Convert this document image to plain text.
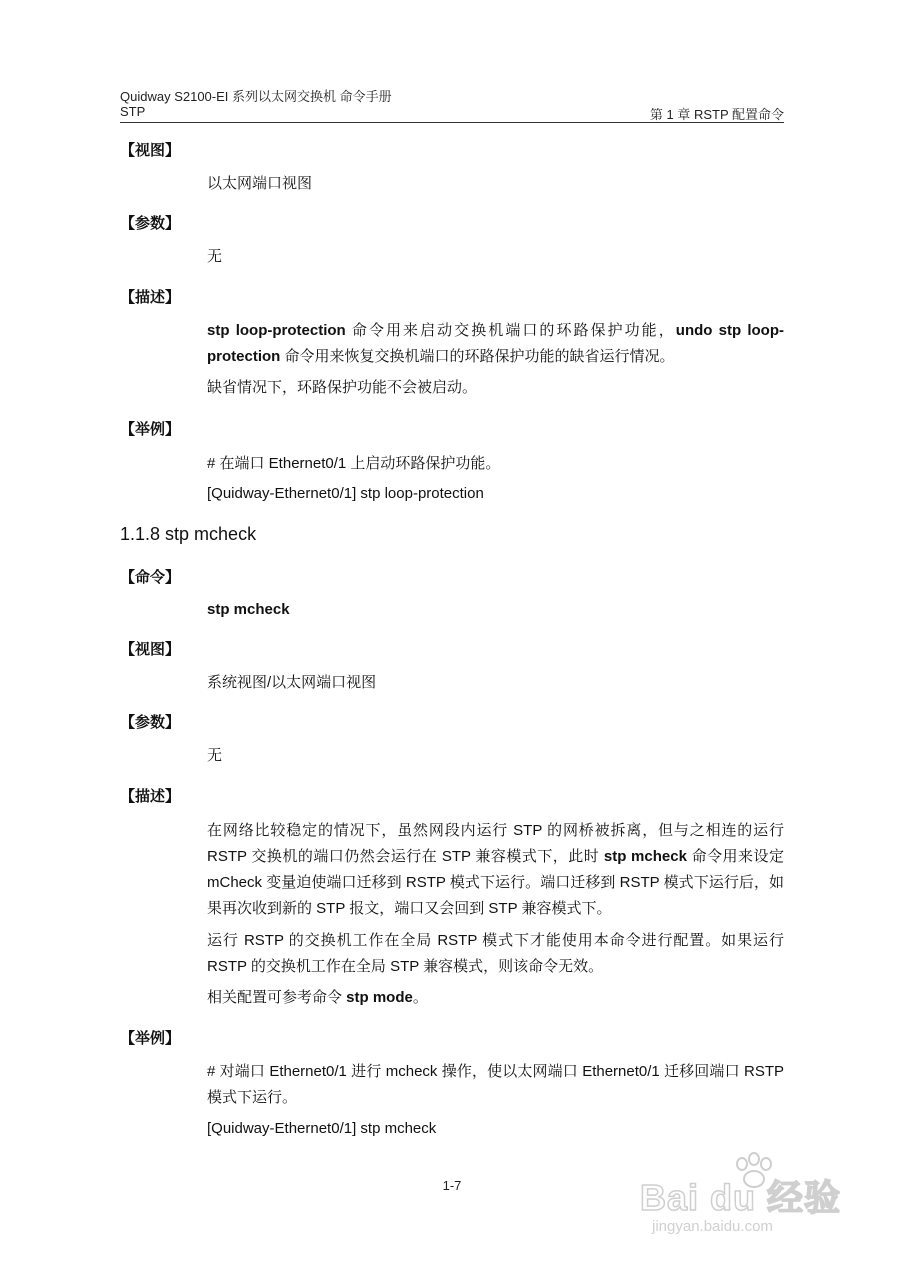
Quidway S2100-EI 系列以太网交换机 命令手册
STP	第 1 章 RSTP 配置命令
【视图】
以太网端口视图
【参数】
无
【描述】
stp loop-protection 命令用来启动交换机端口的环路保护功能，undo stp loop-protection 命令用来恢复交换机端口的环路保护功能的缺省运行情况。
缺省情况下，环路保护功能不会被启动。
【举例】
# 在端口 Ethernet0/1 上启动环路保护功能。
[Quidway-Ethernet0/1] stp loop-protection
1.1.8 stp mcheck
【命令】
stp mcheck
【视图】
系统视图/以太网端口视图
【参数】
无
【描述】
在网络比较稳定的情况下，虽然网段内运行 STP 的网桥被拆离，但与之相连的运行 RSTP 交换机的端口仍然会运行在 STP 兼容模式下，此时 stp mcheck 命令用来设定 mCheck 变量迫使端口迁移到 RSTP 模式下运行。端口迁移到 RSTP 模式下运行后，如果再次收到新的 STP 报文，端口又会回到 STP 兼容模式下。
运行 RSTP 的交换机工作在全局 RSTP 模式下才能使用本命令进行配置。如果运行 RSTP 的交换机工作在全局 STP 兼容模式，则该命令无效。
相关配置可参考命令 stp mode。
【举例】
# 对端口 Ethernet0/1 进行 mcheck 操作，使以太网端口 Ethernet0/1 迁移回端口 RSTP 模式下运行。
[Quidway-Ethernet0/1] stp mcheck
1-7	Bai du 经验
jingyan.baidu.com
